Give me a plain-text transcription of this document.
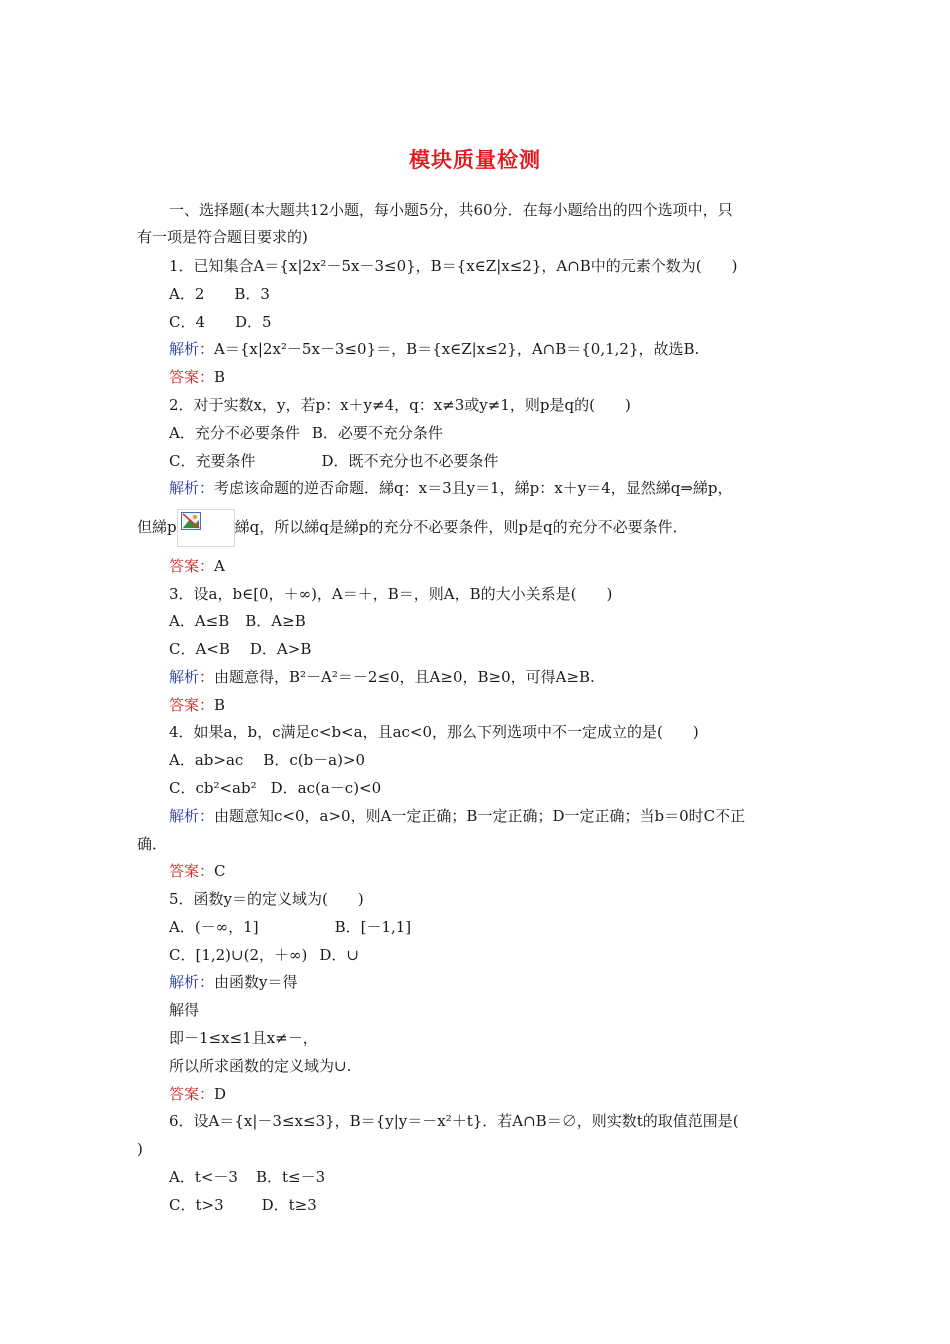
模块质量检测
一、选择题(本大题共12小题，每小题5分，共60分．在每小题给出的四个选项中，只
有一项是符合题目要求的)
1．已知集合A＝{x|2x²－5x－3≤0}，B＝{x∈Z|x≤2}，A∩B中的元素个数为(　　)
A．2 B．3
C．4 D．5
解析：A＝{x|2x²－5x－3≤0}＝，B＝{x∈Z|x≤2}，A∩B＝{0,1,2}，故选B.
答案：B
2．对于实数x，y，若p：x＋y≠4，q：x≠3或y≠1，则p是q的(　　)
A．充分不必要条件 B．必要不充分条件
C．充要条件	D．既不充分也不必要条件
解析：考虑该命题的逆否命题．綈q：x＝3且y＝1，綈p：x＋y＝4，显然綈q⇒綈p，
但綈p	綈q，所以綈q是綈p的充分不必要条件，则p是q的充分不必要条件．
答案：A
3．设a，b∈[0，＋∞)，A＝＋，B＝，则A，B的大小关系是(　　)
A．A≤B B．A≥B
C．A<B D．A>B
解析：由题意得，B²－A²＝－2≤0，且A≥0，B≥0，可得A≥B.
答案：B
4．如果a，b，c满足c<b<a，且ac<0，那么下列选项中不一定成立的是(　　)
A．ab>ac B．c(b－a)>0
C．cb²<ab² D．ac(a－c)<0
解析：由题意知c<0，a>0，则A一定正确；B一定正确；D一定正确；当b＝0时C不正
确．
答案：C
5．函数y＝的定义域为(　　)
A．(－∞，1]	B．[－1,1]
C．[1,2)∪(2，＋∞) D．∪
解析：由函数y＝得
解得
即－1≤x≤1且x≠－，
所以所求函数的定义域为∪.
答案：D
6．设A＝{x|－3≤x≤3}，B＝{y|y＝－x²＋t}．若A∩B＝∅，则实数t的取值范围是(
)
A．t<－3 B．t≤－3
C．t>3	D．t≥3
